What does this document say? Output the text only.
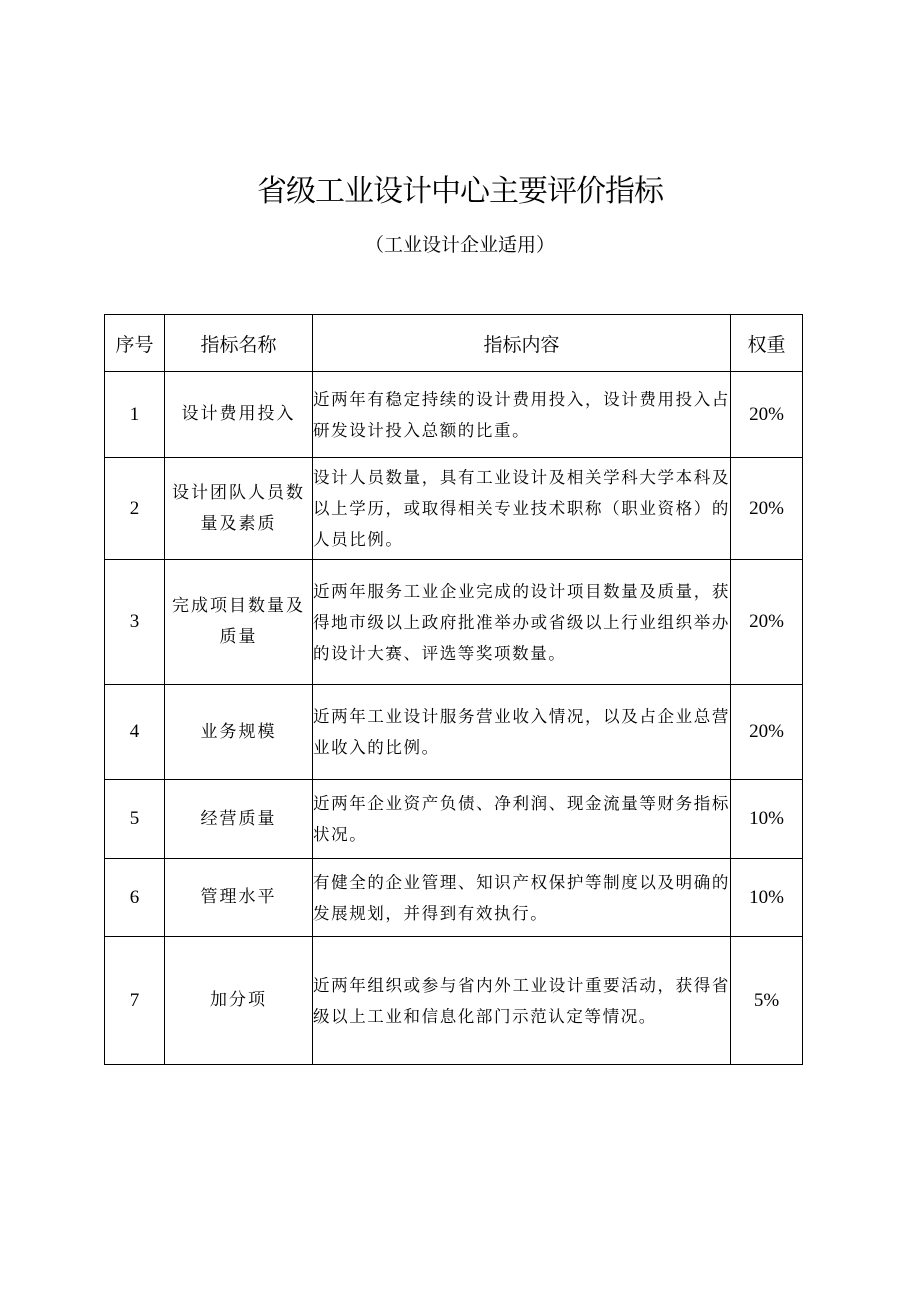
省级工业设计中心主要评价指标
（工业设计企业适用）
序号	指标名称	指标内容	权重
1	设计费用投入	近两年有稳定持续的设计费用投入，设计费用投入占研发设计投入总额的比重。	20%
2	设计团队人员数量及素质	设计人员数量，具有工业设计及相关学科大学本科及以上学历，或取得相关专业技术职称（职业资格）的人员比例。	20%
3	完成项目数量及质量	近两年服务工业企业完成的设计项目数量及质量，获得地市级以上政府批准举办或省级以上行业组织举办的设计大赛、评选等奖项数量。	20%
4	业务规模	近两年工业设计服务营业收入情况，以及占企业总营业收入的比例。	20%
5	经营质量	近两年企业资产负债、净利润、现金流量等财务指标状况。	10%
6	管理水平	有健全的企业管理、知识产权保护等制度以及明确的发展规划，并得到有效执行。	10%
7	加分项	近两年组织或参与省内外工业设计重要活动，获得省级以上工业和信息化部门示范认定等情况。	5%
